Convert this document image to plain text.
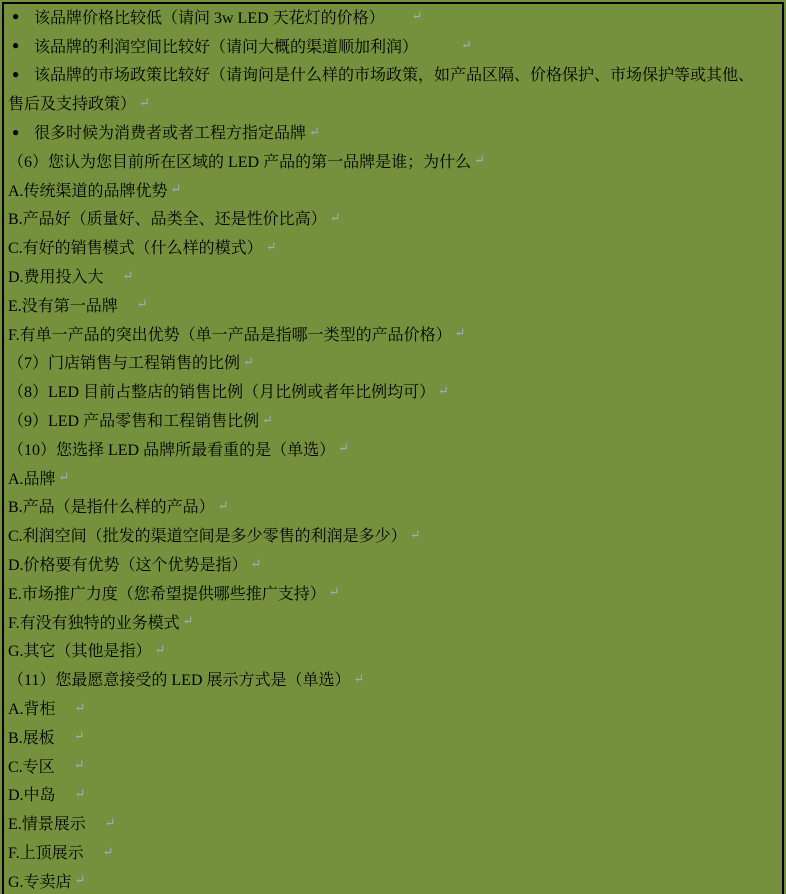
● 该品牌价格比较低（请问 3w LED 天花灯的价格）　　 ↵
● 该品牌的利润空间比较好（请问大概的渠道顺加利润）　　　 ↵
● 该品牌的市场政策比较好（请询问是什么样的市场政策，如产品区隔、价格保护、市场保护等或其他、
售后及支持政策） ↵
● 很多时候为消费者或者工程方指定品牌 ↵
（6）您认为您目前所在区域的 LED 产品的第一品牌是谁；为什么 ↵
A.传统渠道的品牌优势 ↵
B.产品好（质量好、品类全、还是性价比高） ↵
C.有好的销售模式（什么样的模式） ↵
D.费用投入大　 ↵
E.没有第一品牌　 ↵
F.有单一产品的突出优势（单一产品是指哪一类型的产品价格） ↵
（7）门店销售与工程销售的比例 ↵
（8）LED 目前占整店的销售比例（月比例或者年比例均可） ↵
（9）LED 产品零售和工程销售比例 ↵
（10）您选择 LED 品牌所最看重的是（单选） ↵
A.品牌 ↵
B.产品（是指什么样的产品） ↵
C.利润空间（批发的渠道空间是多少零售的利润是多少） ↵
D.价格要有优势（这个优势是指） ↵
E.市场推广力度（您希望提供哪些推广支持） ↵
F.有没有独特的业务模式 ↵
G.其它（其他是指） ↵
（11）您最愿意接受的 LED 展示方式是（单选） ↵
A.背柜　 ↵
B.展板　 ↵
C.专区　 ↵
D.中岛　 ↵
E.情景展示　 ↵
F.上顶展示　 ↵
G.专卖店 ↵
